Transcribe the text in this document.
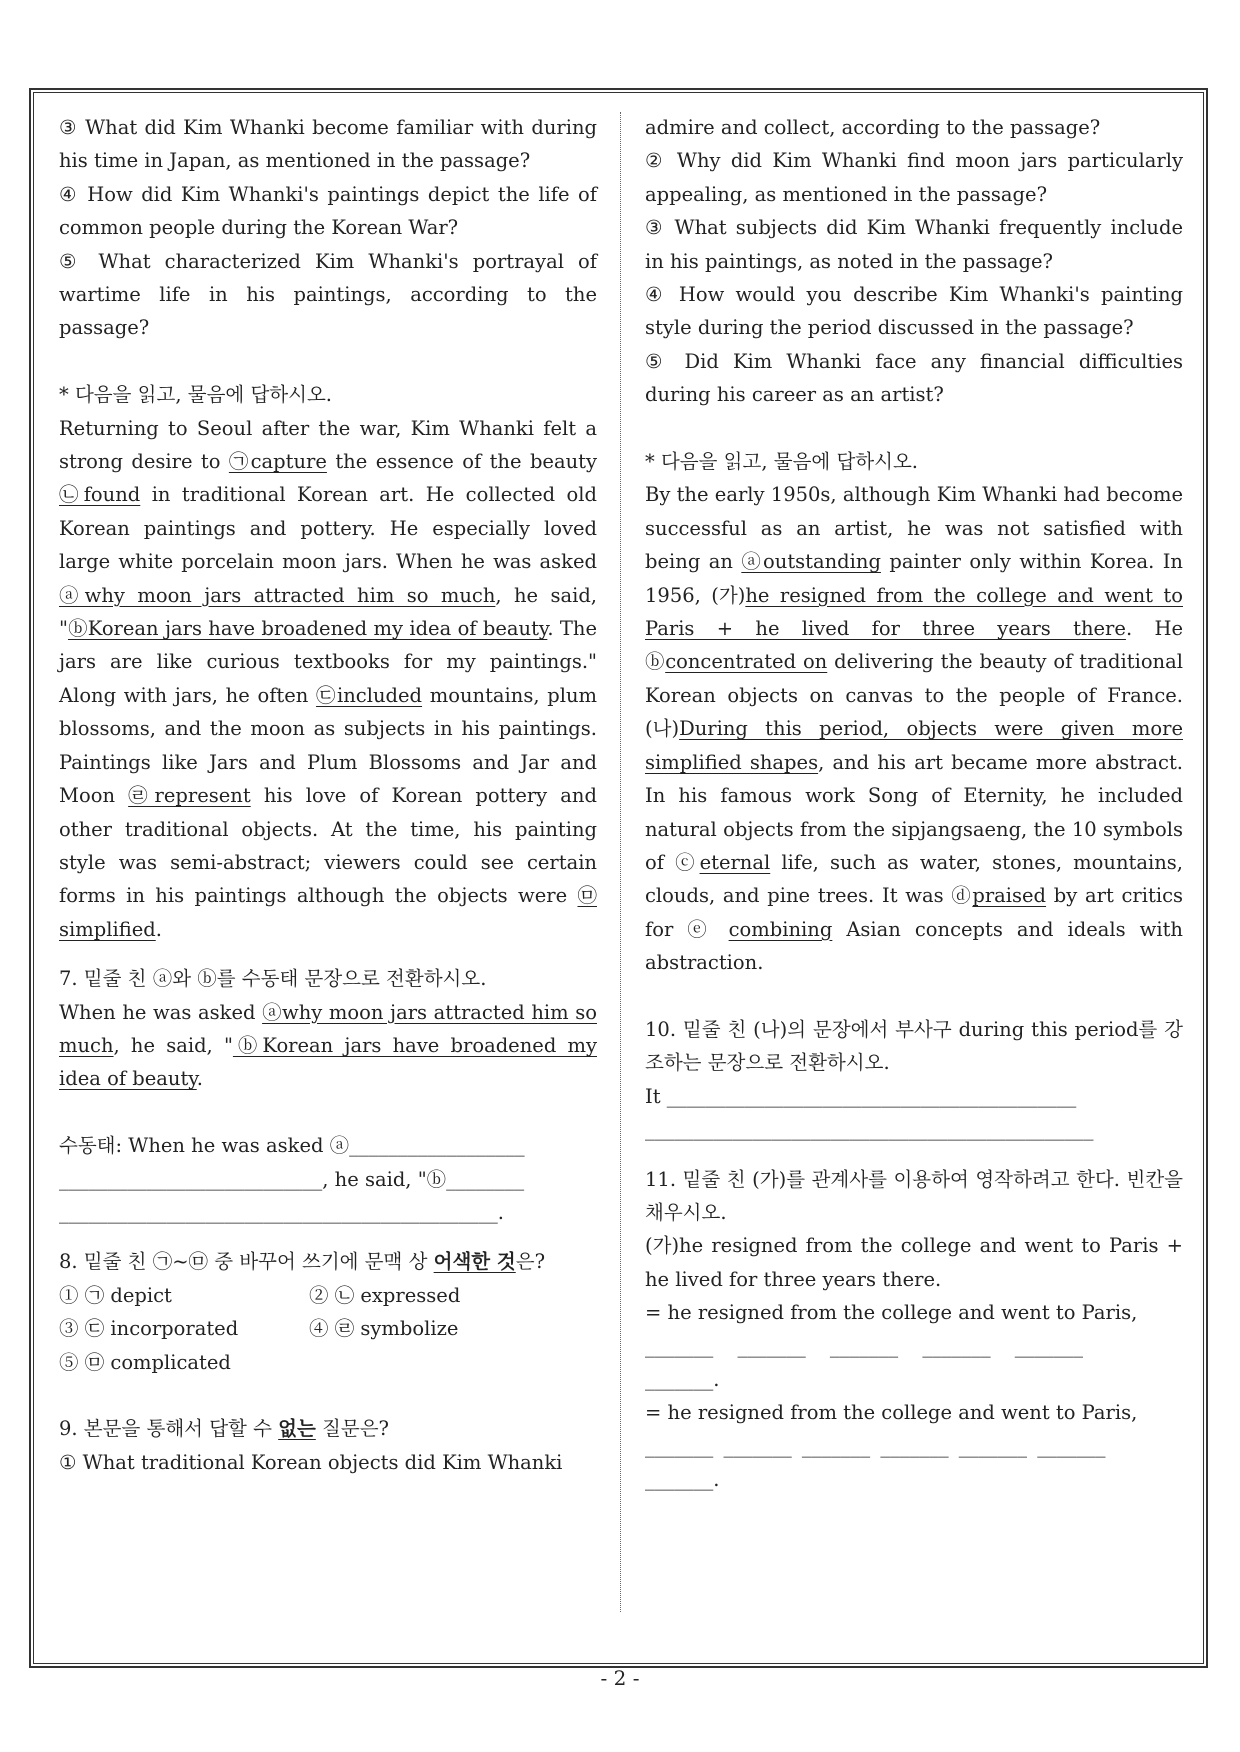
③ What did Kim Whanki become familiar with during his time in Japan, as mentioned in the passage?

④ How did Kim Whanki's paintings depict the life of common people during the Korean War?

⑤ What characterized Kim Whanki's portrayal of wartime life in his paintings, according to the passage?

* 다음을 읽고, 물음에 답하시오.

Returning to Seoul after the war, Kim Whanki felt a strong desire to ㉠capture the essence of the beauty ㉡found in traditional Korean art. He collected old Korean paintings and pottery. He especially loved large white porcelain moon jars. When he was asked ⓐwhy moon jars attracted him so much, he said, "ⓑKorean jars have broadened my idea of beauty. The jars are like curious textbooks for my paintings." Along with jars, he often ㉢included mountains, plum blossoms, and the moon as subjects in his paintings. Paintings like Jars and Plum Blossoms and Jar and Moon ㉣represent his love of Korean pottery and other traditional objects. At the time, his painting style was semi-abstract; viewers could see certain forms in his paintings although the objects were ㉤simplified.

7. 밑줄 친 ⓐ와 ⓑ를 수동태 문장으로 전환하시오.

When he was asked ⓐwhy moon jars attracted him so much, he said, "ⓑKorean jars have broadened my idea of beauty.

수동태: When he was asked ⓐ__________________

___________________________, he said, "ⓑ________

_____________________________________________.

8. 밑줄 친 ㉠~㉤ 중 바꾸어 쓰기에 문맥 상 어색한 것은?

① ㉠ depict	② ㉡ expressed
③ ㉢ incorporated	④ ㉣ symbolize
⑤ ㉤ complicated

9. 본문을 통해서 답할 수 없는 질문은?

① What traditional Korean objects did Kim Whanki

admire and collect, according to the passage?

② Why did Kim Whanki find moon jars particularly appealing, as mentioned in the passage?

③ What subjects did Kim Whanki frequently include in his paintings, as noted in the passage?

④ How would you describe Kim Whanki's painting style during the period discussed in the passage?

⑤ Did Kim Whanki face any financial difficulties during his career as an artist?

* 다음을 읽고, 물음에 답하시오.

By the early 1950s, although Kim Whanki had become successful as an artist, he was not satisfied with being an ⓐoutstanding painter only within Korea. In 1956, (가)he resigned from the college and went to Paris + he lived for three years there. He ⓑconcentrated on delivering the beauty of traditional Korean objects on canvas to the people of France. (나)During this period, objects were given more simplified shapes, and his art became more abstract. In his famous work Song of Eternity, he included natural objects from the sipjangsaeng, the 10 symbols of ⓒeternal life, such as water, stones, mountains, clouds, and pine trees. It was ⓓpraised by art critics for ⓔ combining Asian concepts and ideals with abstraction.

10. 밑줄 친 (나)의 문장에서 부사구 during this period를 강조하는 문장으로 전환하시오.

It __________________________________________

______________________________________________

11. 밑줄 친 (가)를 관계사를 이용하여 영작하려고 한다. 빈칸을 채우시오.

(가)he resigned from the college and went to Paris + he lived for three years there.

= he resigned from the college and went to Paris,

_______ _______ _______ _______ _______

_______.

= he resigned from the college and went to Paris,

_______ _______ _______ _______ _______ _______

_______.

- 2 -
